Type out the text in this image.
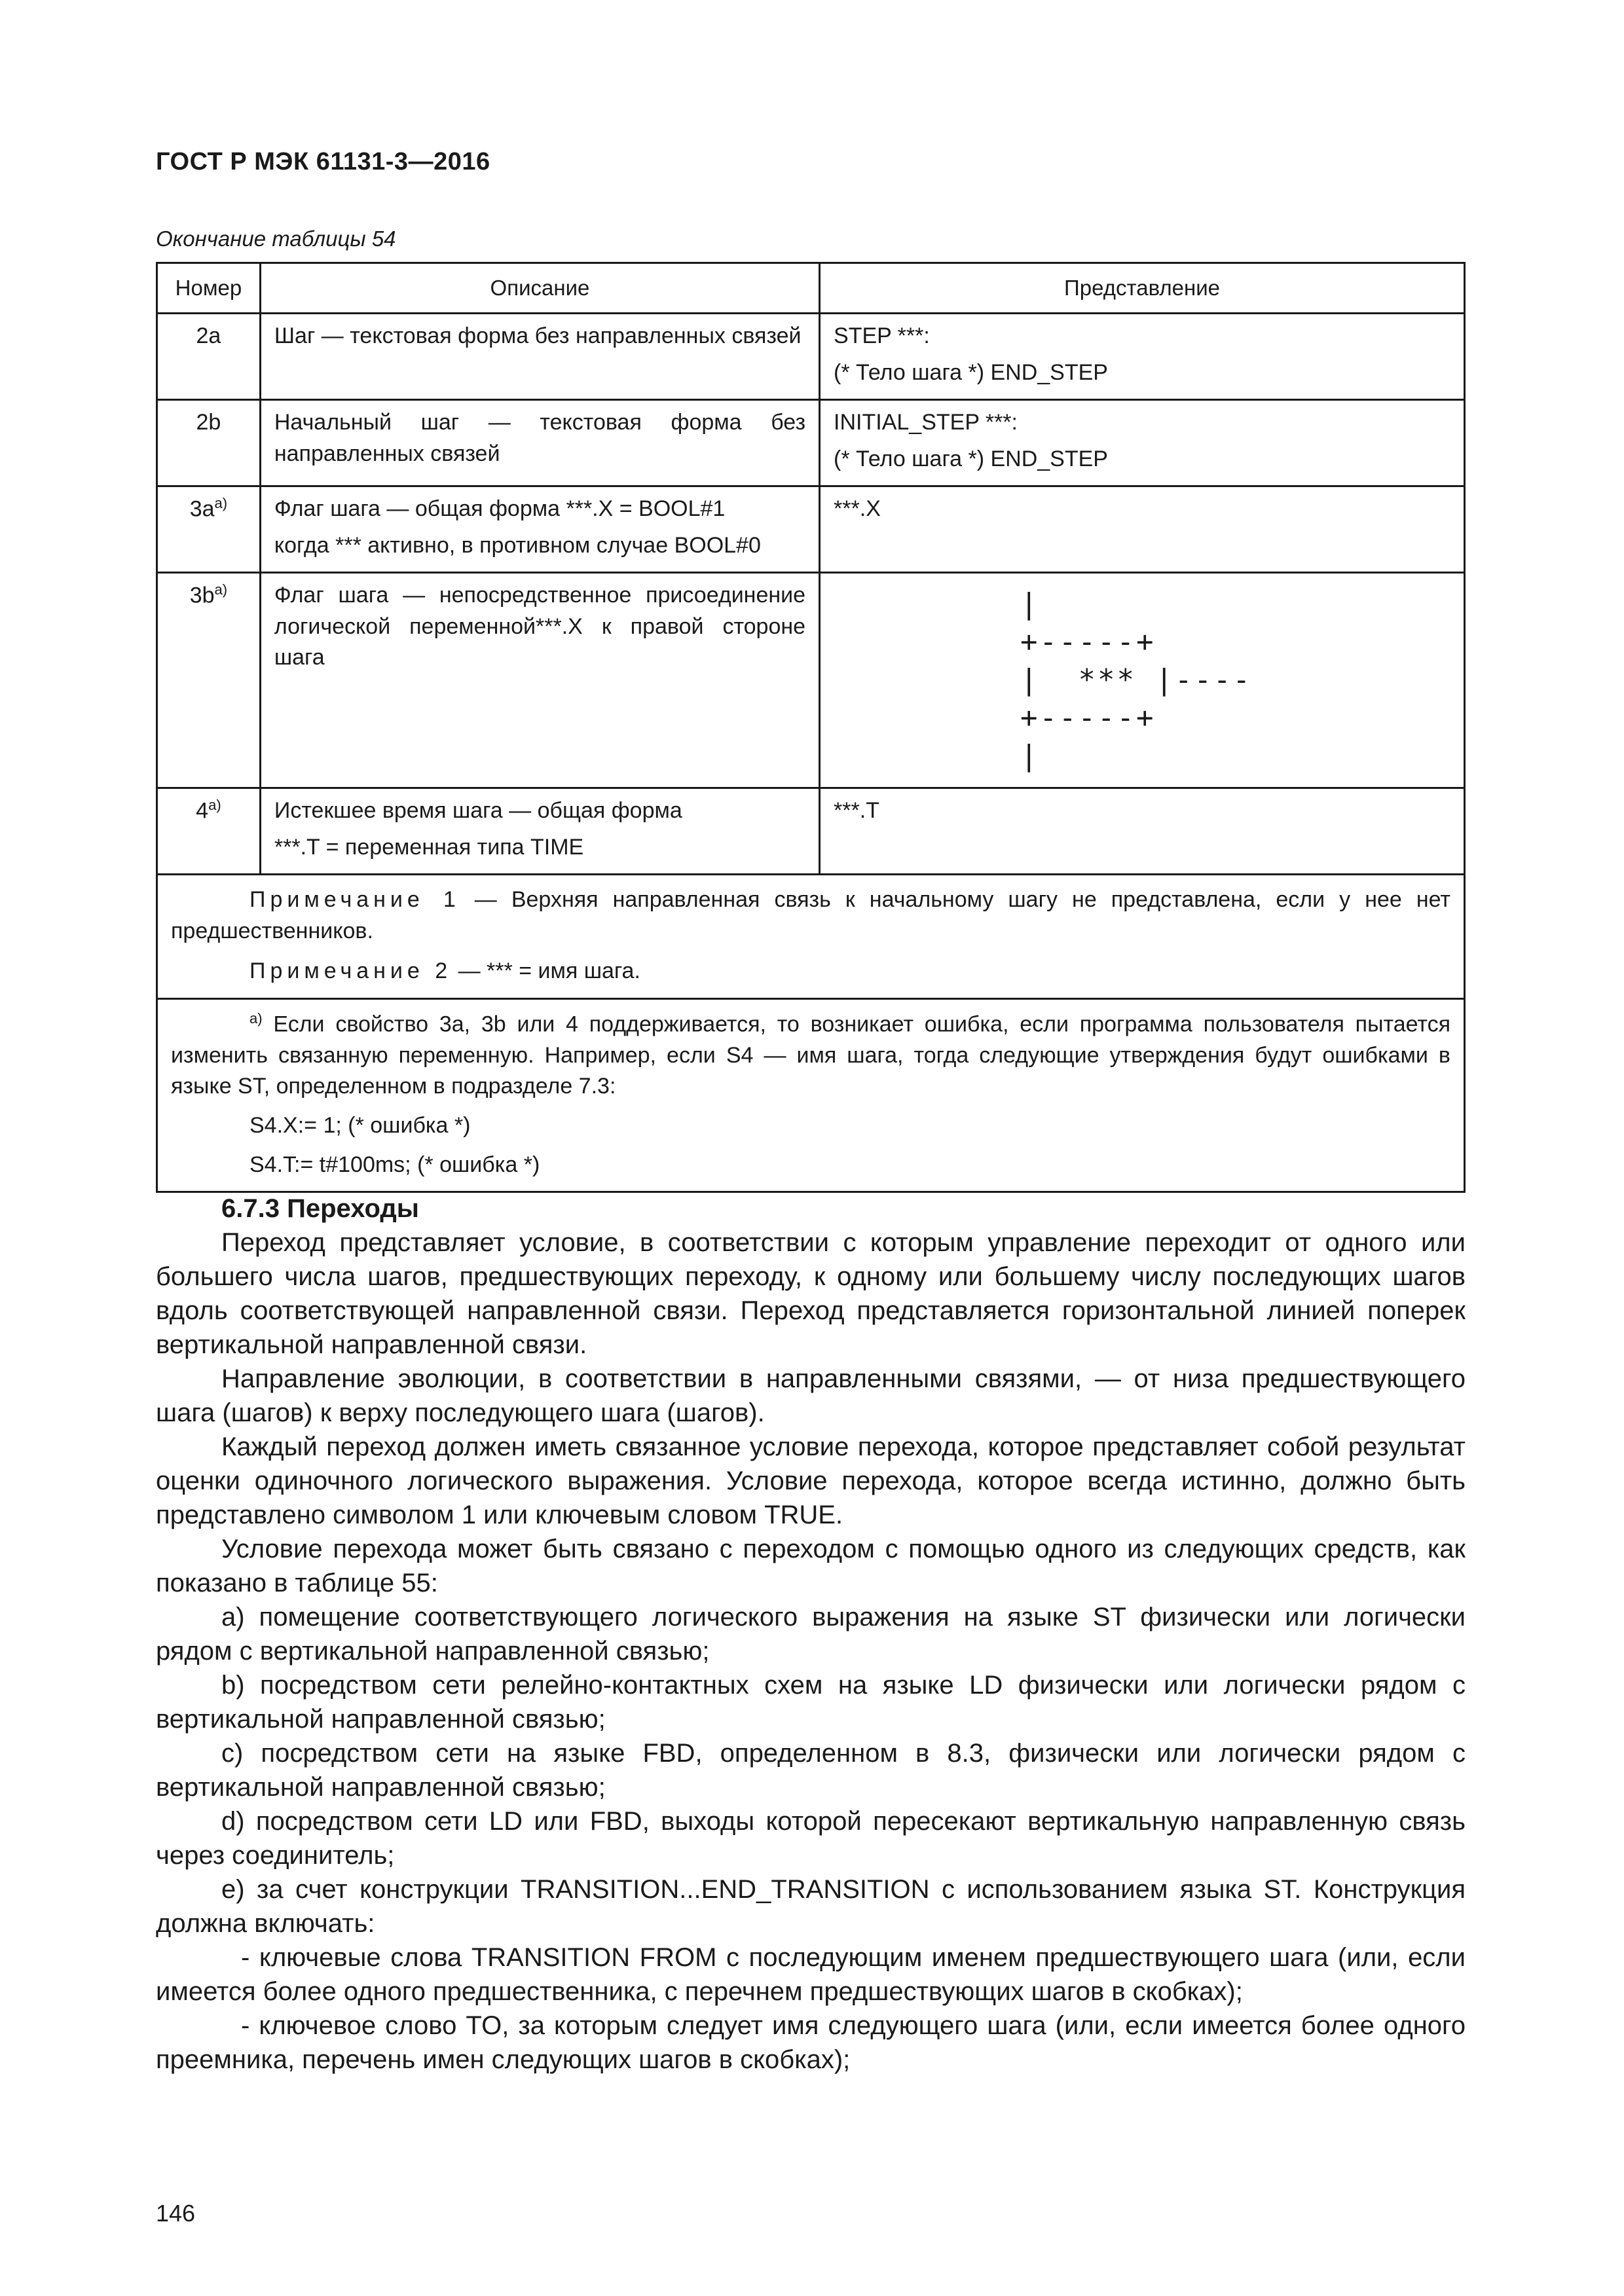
ГОСТ Р МЭК 61131-3—2016
Окончание таблицы 54
Номер	Описание	Представление
2a	Шаг — текстовая форма без направленных связей	STEP ***:
(* Тело шага *) END_STEP

2b	Начальный шаг — текстовая форма без направленных связей	INITIAL_STEP ***:
(* Тело шага *) END_STEP

$3a^{a)}$	Флаг шага — общая форма ***.X = BOOL#1
когда *** активно, в противном случае BOOL#0	***.X

$3b^{a)}$	Флаг шага — непосредственное присоединение логической переменной***.X к правой стороне шага	|
+-----+
|  *** |----
+-----+
|

4$^{a)}$	Истекшее время шага — общая форма
***.T = переменная типа TIME	***.T

Примечание 1 — Верхняя направленная связь к начальному шагу не представлена, если у нее нет предшественников.
Примечание 2 — *** = имя шага.		

$^{a)}$ Если свойство 3a, 3b или 4 поддерживается, то возникает ошибка, если программа пользователя пытается изменить связанную переменную. Например, если S4 — имя шага, тогда следующие утверждения будут ошибками в языке ST, определенном в подразделе 7.3:
S4.X:= 1; (* ошибка *)
S4.T:= t#100ms; (* ошибка *)		

6.7.3 Переходы

Переход представляет условие, в соответствии с которым управление переходит от одного или большего числа шагов, предшествующих переходу, к одному или большему числу последующих шагов вдоль соответствующей направленной связи. Переход представляется горизонтальной линией поперек вертикальной направленной связи.

Направление эволюции, в соответствии в направленными связями, — от низа предшествующего шага (шагов) к верху последующего шага (шагов).

Каждый переход должен иметь связанное условие перехода, которое представляет собой результат оценки одиночного логического выражения. Условие перехода, которое всегда истинно, должно быть представлено символом 1 или ключевым словом TRUE.

Условие перехода может быть связано с переходом с помощью одного из следующих средств, как показано в таблице 55:

a) помещение соответствующего логического выражения на языке ST физически или логически рядом с вертикальной направленной связью;

b) посредством сети релейно-контактных схем на языке LD физически или логически рядом с вертикальной направленной связью;

c) посредством сети на языке FBD, определенном в 8.3, физически или логически рядом с вертикальной направленной связью;

d) посредством сети LD или FBD, выходы которой пересекают вертикальную направленную связь через соединитель;

e) за счет конструкции TRANSITION...END_TRANSITION с использованием языка ST. Конструкция должна включать:

- ключевые слова TRANSITION FROM с последующим именем предшествующего шага (или, если имеется более одного предшественника, с перечнем предшествующих шагов в скобках);

- ключевое слово TO, за которым следует имя следующего шага (или, если имеется более одного преемника, перечень имен следующих шагов в скобках);

146
